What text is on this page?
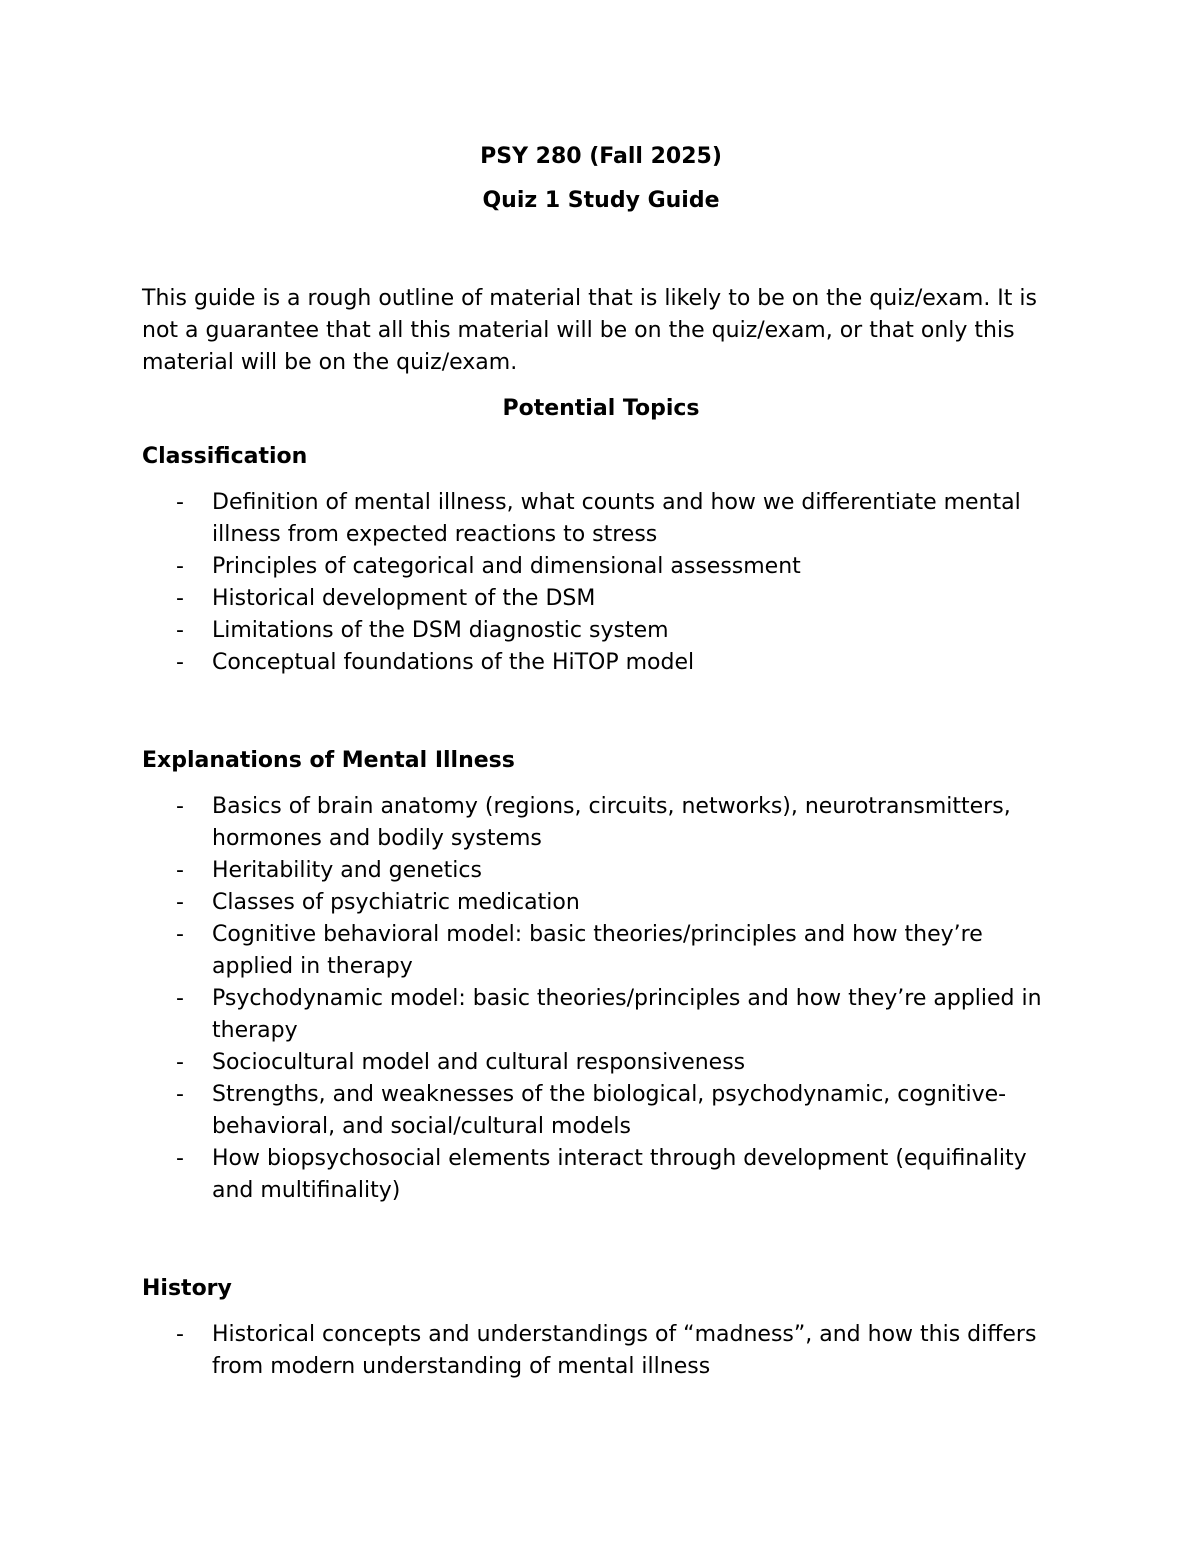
PSY 280 (Fall 2025)

Quiz 1 Study Guide

This guide is a rough outline of material that is likely to be on the quiz/exam. It is not a guarantee that all this material will be on the quiz/exam, or that only this material will be on the quiz/exam.

Potential Topics

Classification

- Definition of mental illness, what counts and how we differentiate mental illness from expected reactions to stress
- Principles of categorical and dimensional assessment
- Historical development of the DSM
- Limitations of the DSM diagnostic system
- Conceptual foundations of the HiTOP model

Explanations of Mental Illness

- Basics of brain anatomy (regions, circuits, networks), neurotransmitters, hormones and bodily systems
- Heritability and genetics
- Classes of psychiatric medication
- Cognitive behavioral model: basic theories/principles and how they’re applied in therapy
- Psychodynamic model: basic theories/principles and how they’re applied in therapy
- Sociocultural model and cultural responsiveness
- Strengths, and weaknesses of the biological, psychodynamic, cognitive-behavioral, and social/cultural models
- How biopsychosocial elements interact through development (equifinality and multifinality)

History

- Historical concepts and understandings of “madness”, and how this differs from modern understanding of mental illness
